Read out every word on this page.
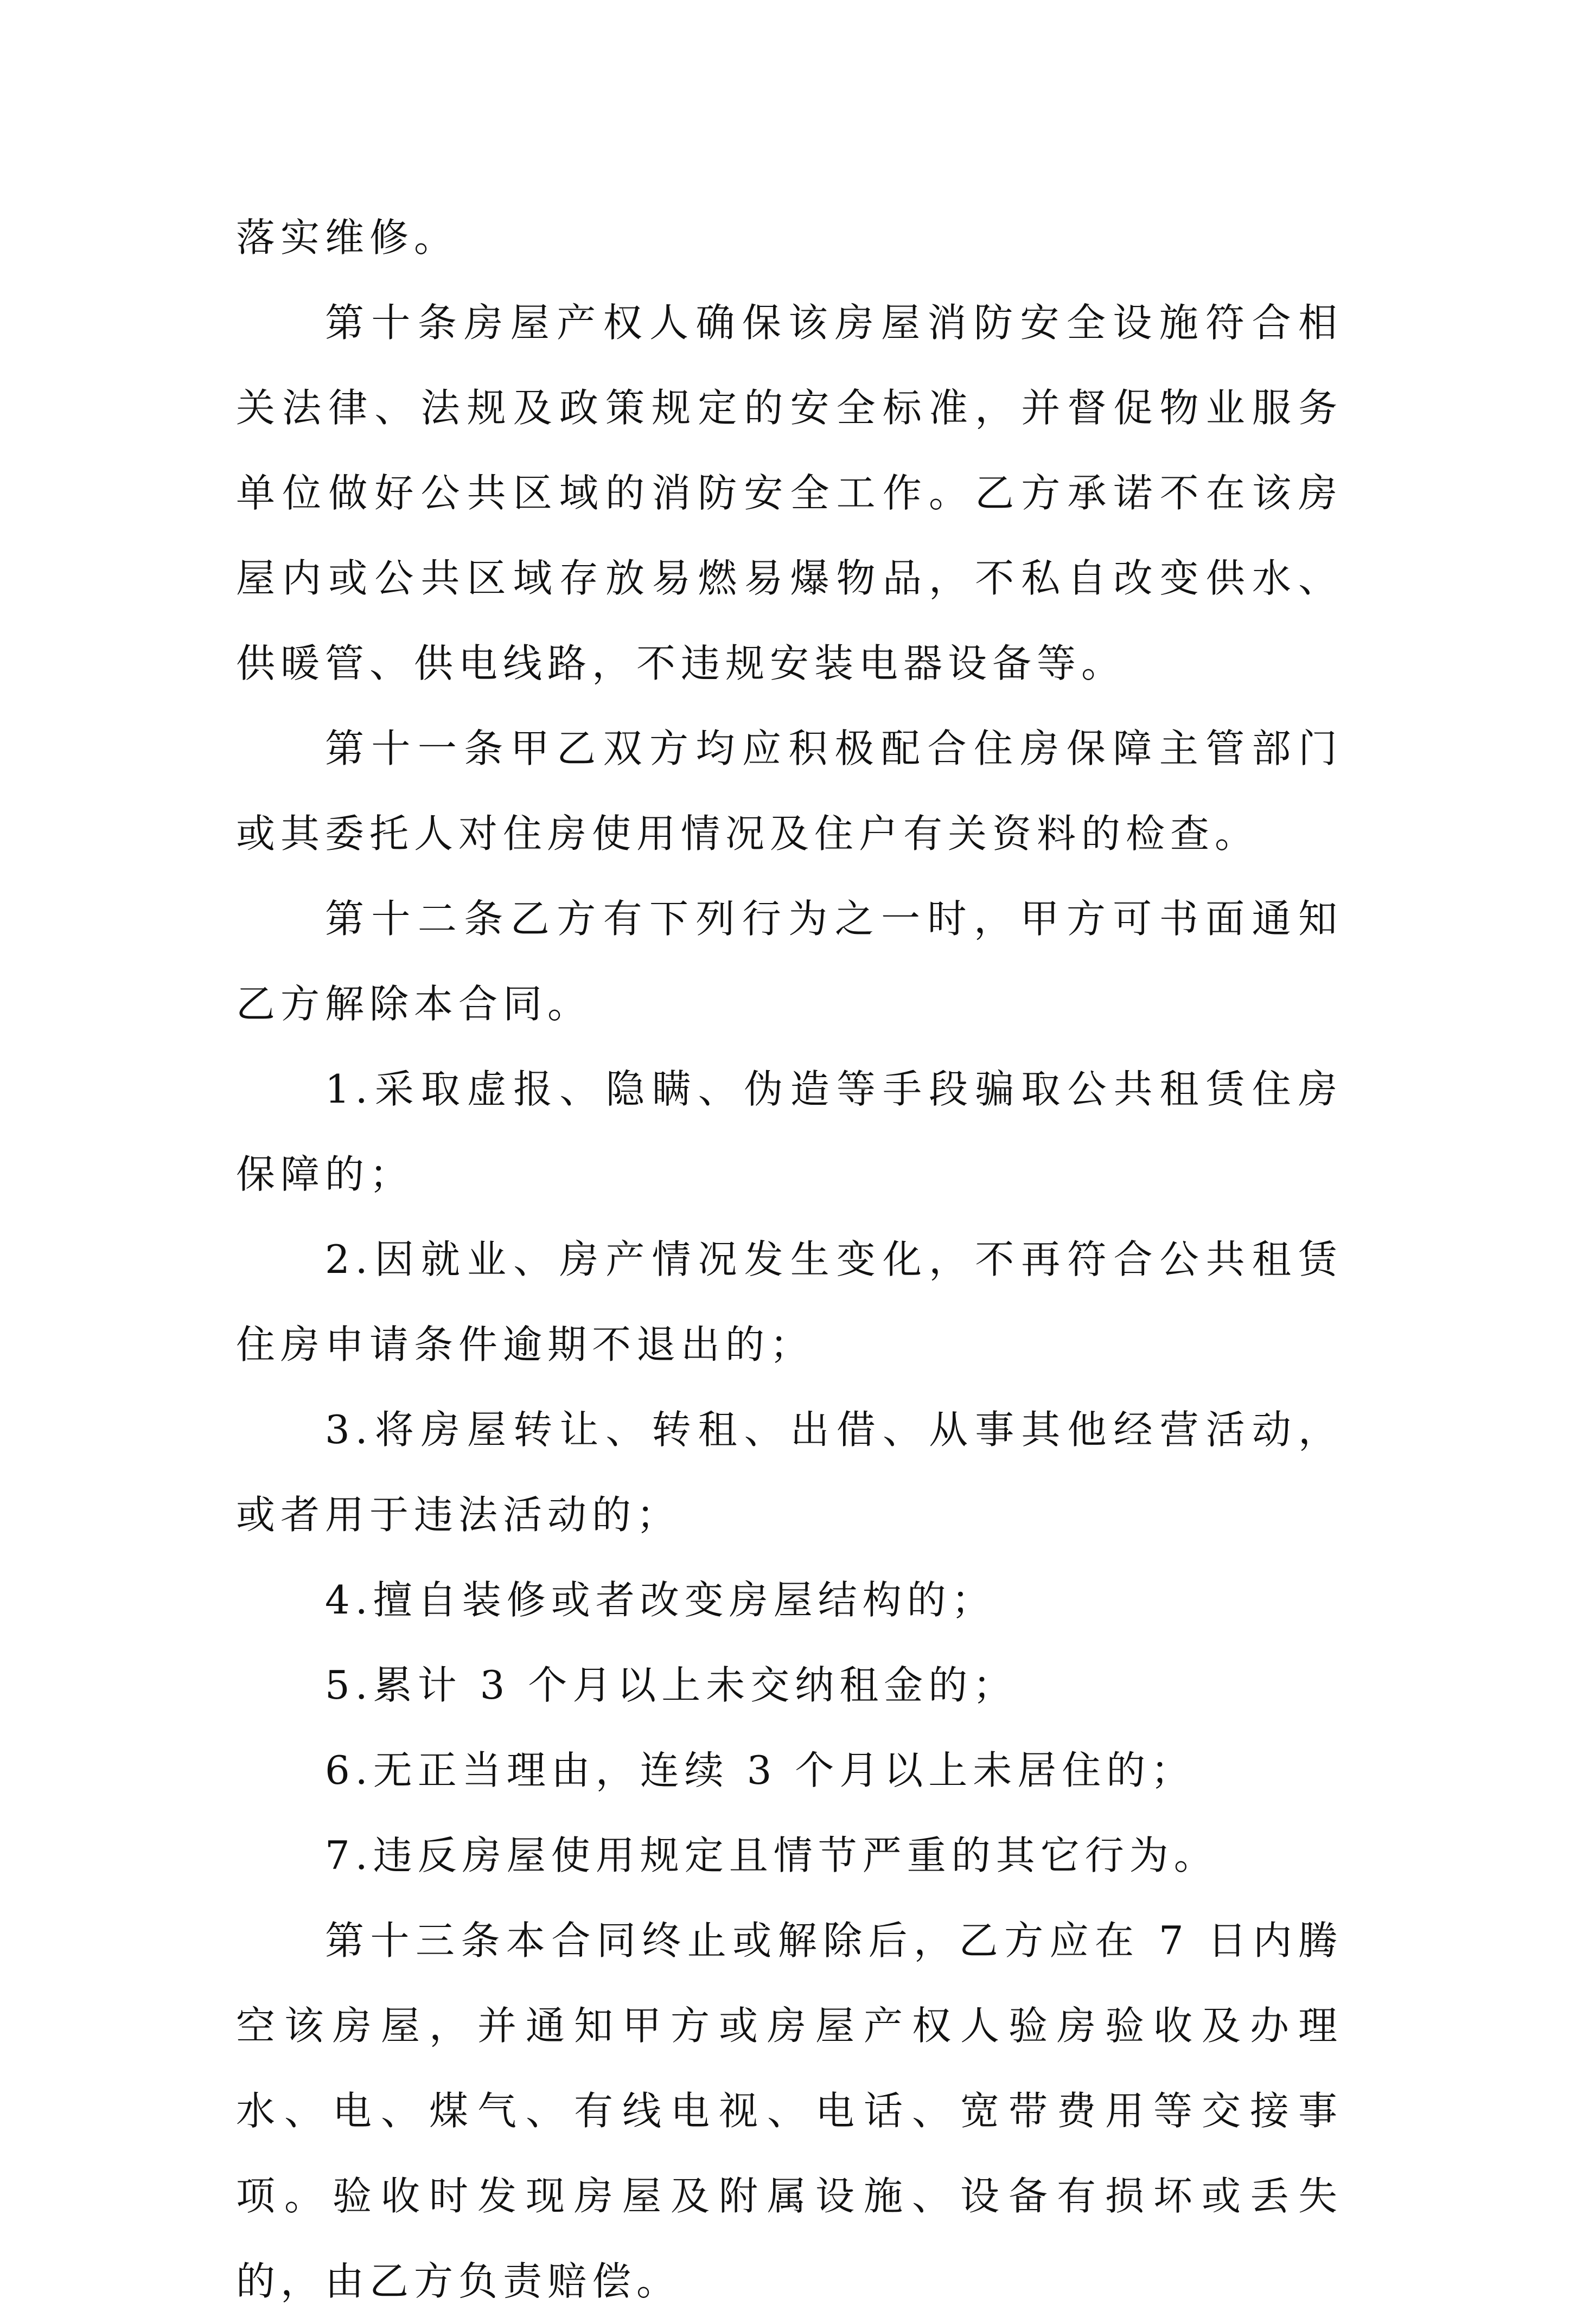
落实维修。

第十条房屋产权人确保该房屋消防安全设施符合相关法律、法规及政策规定的安全标准，并督促物业服务单位做好公共区域的消防安全工作。乙方承诺不在该房屋内或公共区域存放易燃易爆物品，不私自改变供水、供暖管、供电线路，不违规安装电器设备等。

第十一条甲乙双方均应积极配合住房保障主管部门或其委托人对住房使用情况及住户有关资料的检查。

第十二条乙方有下列行为之一时，甲方可书面通知乙方解除本合同。

1.采取虚报、隐瞒、伪造等手段骗取公共租赁住房保障的；

2.因就业、房产情况发生变化，不再符合公共租赁住房申请条件逾期不退出的；

3.将房屋转让、转租、出借、从事其他经营活动，或者用于违法活动的；

4.擅自装修或者改变房屋结构的；

5.累计 3 个月以上未交纳租金的；

6.无正当理由，连续 3 个月以上未居住的；

7.违反房屋使用规定且情节严重的其它行为。

第十三条本合同终止或解除后，乙方应在 7 日内腾空该房屋，并通知甲方或房屋产权人验房验收及办理水、电、煤气、有线电视、电话、宽带费用等交接事项。验收时发现房屋及附属设施、设备有损坏或丢失的，由乙方负责赔偿。
